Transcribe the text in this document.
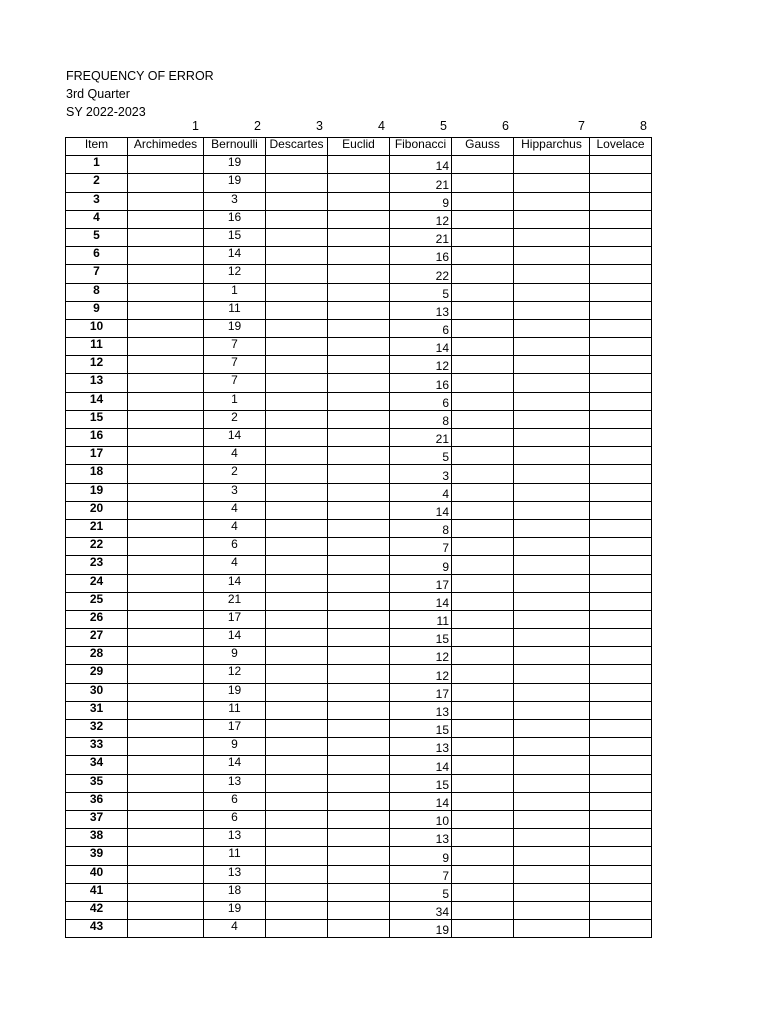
FREQUENCY OF ERROR
3rd Quarter
SY 2022-2023
1	2	3	4	5	6	7	8
Item	Archimedes	Bernoulli	Descartes	Euclid	Fibonacci	Gauss	Hipparchus	Lovelace
1		19			14			
2		19			21			
3		3			9			
4		16			12			
5		15			21			
6		14			16			
7		12			22			
8		1			5			
9		11			13			
10		19			6			
11		7			14			
12		7			12			
13		7			16			
14		1			6			
15		2			8			
16		14			21			
17		4			5			
18		2			3			
19		3			4			
20		4			14			
21		4			8			
22		6			7			
23		4			9			
24		14			17			
25		21			14			
26		17			11			
27		14			15			
28		9			12			
29		12			12			
30		19			17			
31		11			13			
32		17			15			
33		9			13			
34		14			14			
35		13			15			
36		6			14			
37		6			10			
38		13			13			
39		11			9			
40		13			7			
41		18			5			
42		19			34			
43		4			19			
